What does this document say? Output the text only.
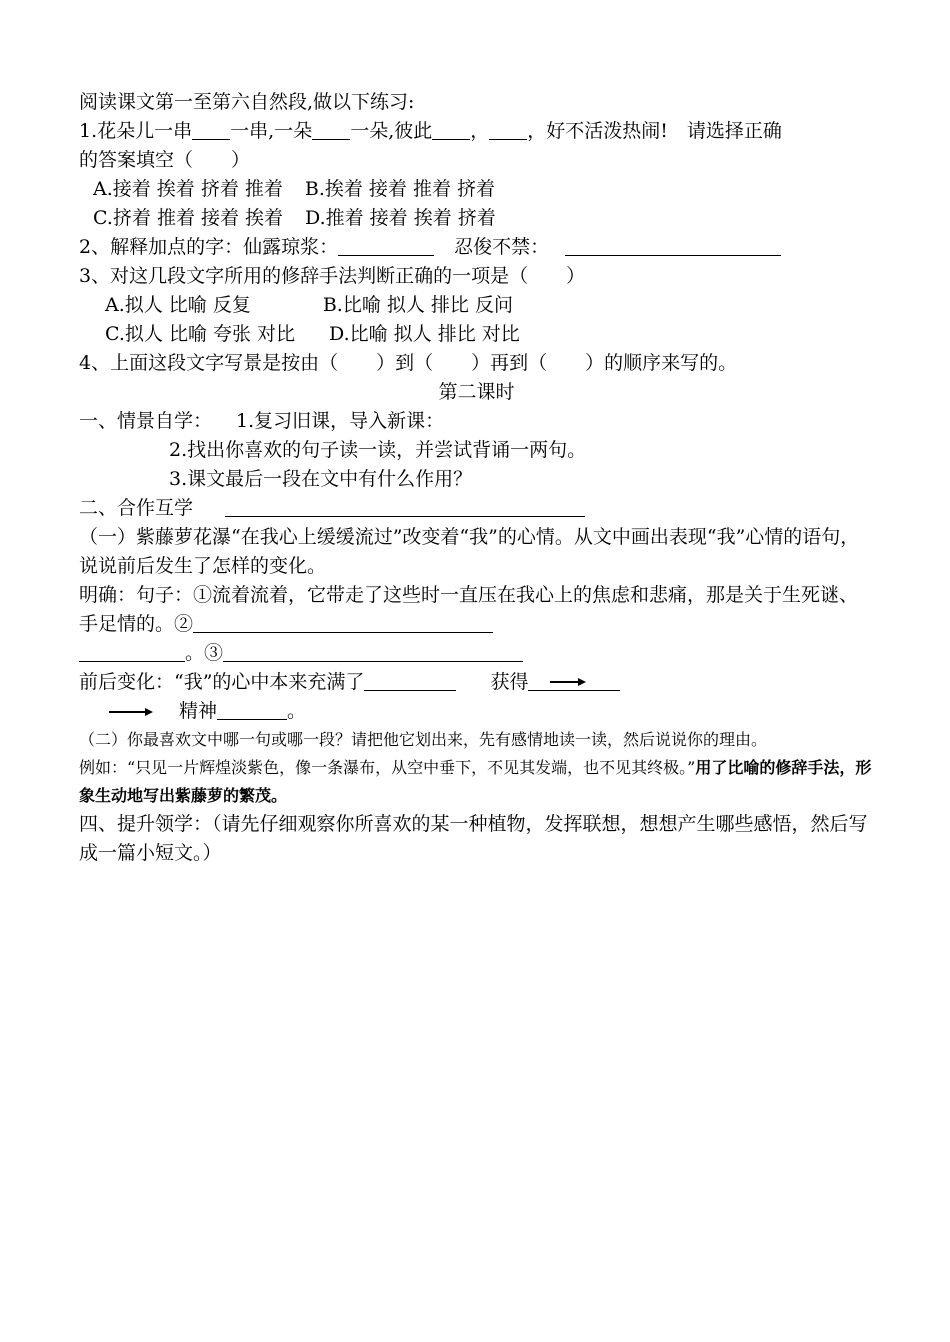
阅读课文第一至第六自然段,做以下练习:
1.花朵儿一串 一串,一朵 一朵,彼此 ， ，好不活泼热闹!　请选择正确
的答案填空（　　）
A.接着 挨着 挤着 推着 B.挨着 接着 推着 挤着
C.挤着 推着 接着 挨着 D.推着 接着 挨着 挤着
2、解释加点的字：仙露琼浆：	忍俊不禁：
3、对这几段文字所用的修辞手法判断正确的一项是（　　）
A.拟人 比喻 反复	B.比喻 拟人 排比 反问
C.拟人 比喻 夸张 对比 D.比喻 拟人 排比 对比
4、上面这段文字写景是按由（　　）到（　　）再到（　　）的顺序来写的。
第二课时
一、情景自学： 1.复习旧课，导入新课：
2.找出你喜欢的句子读一读，并尝试背诵一两句。
3.课文最后一段在文中有什么作用？
二、合作互学
（一）紫藤萝花瀑“在我心上缓缓流过”改变着“我”的心情。从文中画出表现“我”心情的语句，说说前后发生了怎样的变化。
明确：句子：①流着流着，它带走了这些时一直压在我心上的焦虑和悲痛，那是关于生死谜、手足情的。②
。③
前后变化：“我”的心中本来充满了	获得
精神	。
（二）你最喜欢文中哪一句或哪一段？请把他它划出来，先有感情地读一读，然后说说你的理由。
例如：“只见一片辉煌淡紫色，像一条瀑布，从空中垂下，不见其发端，也不见其终极。”用了比喻的修辞手法，形象生动地写出紫藤萝的繁茂。
四、提升领学：（请先仔细观察你所喜欢的某一种植物，发挥联想，想想产生哪些感悟，然后写成一篇小短文。）
